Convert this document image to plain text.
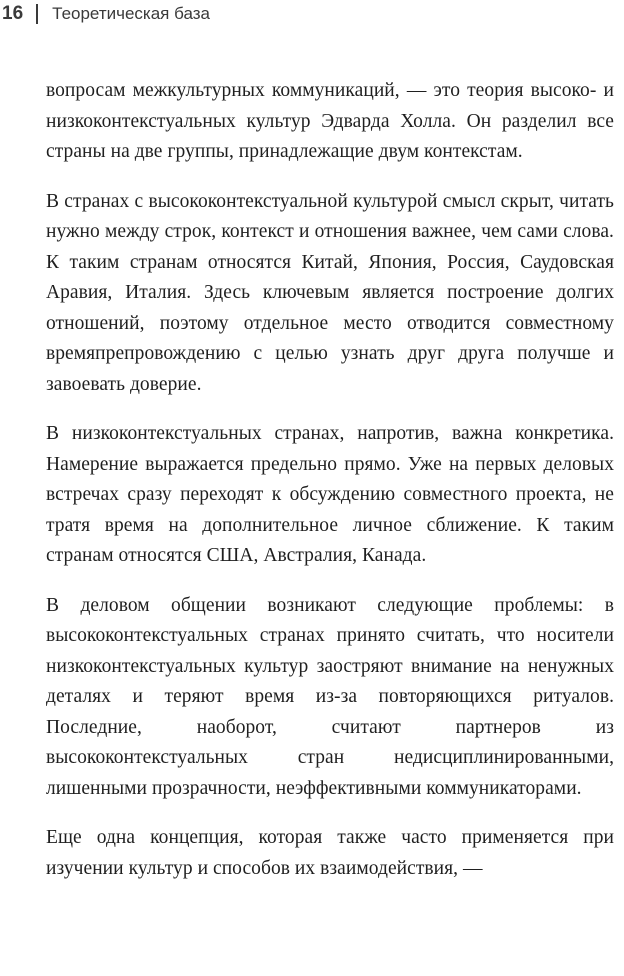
16 Теоретическая база

вопросам межкультурных коммуникаций, — это теория высоко- и низкоконтекстуальных культур Эдварда Холла. Он разделил все страны на две группы, принадлежащие двум контекстам.

В странах с высококонтекстуальной культурой смысл скрыт, читать нужно между строк, контекст и отношения важнее, чем сами слова. К таким странам относятся Китай, Япония, Россия, Саудовская Аравия, Италия. Здесь ключевым является построение долгих отношений, поэтому отдельное место отводится совместному времяпрепровождению с целью узнать друг друга получше и завоевать доверие.

В низкоконтекстуальных странах, напротив, важна конкретика. Намерение выражается предельно прямо. Уже на первых деловых встречах сразу переходят к обсуждению совместного проекта, не тратя время на дополнительное личное сближение. К таким странам относятся США, Австралия, Канада.

В деловом общении возникают следующие проблемы: в высококонтекстуальных странах принято считать, что носители низкоконтекстуальных культур заостряют внимание на ненужных деталях и теряют время из-за повторяющихся ритуалов. Последние, наоборот, считают партнеров из высококонтекстуальных стран недисциплинированными, лишенными прозрачности, неэффективными коммуникаторами.

Еще одна концепция, которая также часто применяется при изучении культур и способов их взаимодействия, —
